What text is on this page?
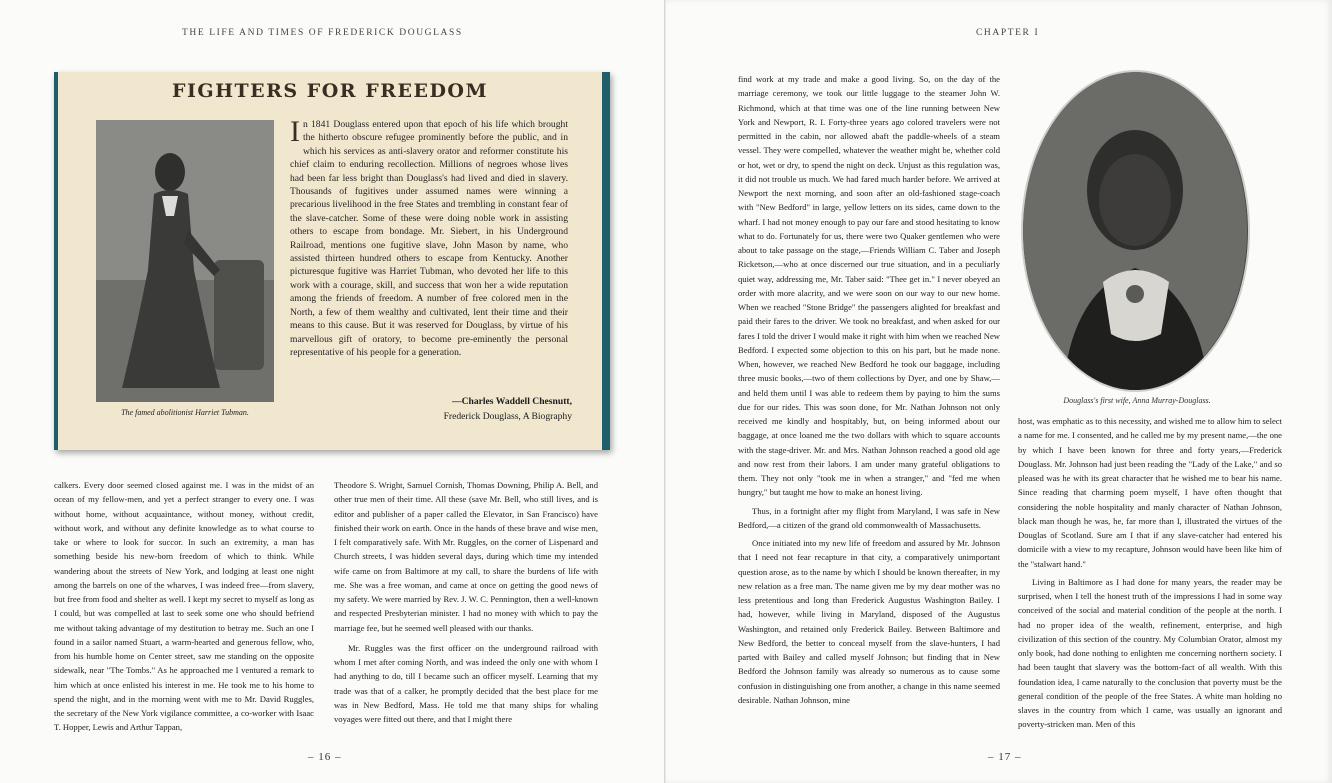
THE LIFE AND TIMES OF FREDERICK DOUGLASS
FIGHTERS FOR FREEDOM
The famed abolitionist Harriet Tubman.
In 1841 Douglass entered upon that epoch of his life which brought the hitherto obscure refugee prominently before the public, and in which his services as anti-slavery orator and reformer constitute his chief claim to enduring recollection. Millions of negroes whose lives had been far less bright than Douglass's had lived and died in slavery. Thousands of fugitives under assumed names were winning a precarious livelihood in the free States and trembling in constant fear of the slave-catcher. Some of these were doing noble work in assisting others to escape from bondage. Mr. Siebert, in his Underground Railroad, mentions one fugitive slave, John Mason by name, who assisted thirteen hundred others to escape from Kentucky. Another picturesque fugitive was Harriet Tubman, who devoted her life to this work with a courage, skill, and success that won her a wide reputation among the friends of freedom. A number of free colored men in the North, a few of them wealthy and cultivated, lent their time and their means to this cause. But it was reserved for Douglass, by virtue of his marvellous gift of oratory, to become pre-eminently the personal representative of his people for a generation.
—Charles Waddell Chesnutt,
Frederick Douglass, A Biography

calkers. Every door seemed closed against me. I was in the midst of an ocean of my fellow-men, and yet a perfect stranger to every one. I was without home, without acquaintance, without money, without credit, without work, and without any definite knowledge as to what course to take or where to look for succor. In such an extremity, a man has something beside his new-born freedom of which to think. While wandering about the streets of New York, and lodging at least one night among the barrels on one of the wharves, I was indeed free—from slavery, but free from food and shelter as well. I kept my secret to myself as long as I could, but was compelled at last to seek some one who should befriend me without taking advantage of my destitution to betray me. Such an one I found in a sailor named Stuart, a warm-hearted and generous fellow, who, from his humble home on Center street, saw me standing on the opposite sidewalk, near "The Tombs." As he approached me I ventured a remark to him which at once enlisted his interest in me. He took me to his home to spend the night, and in the morning went with me to Mr. David Ruggles, the secretary of the New York vigilance committee, a co-worker with Isaac T. Hopper, Lewis and Arthur Tappan,

Theodore S. Wright, Samuel Cornish, Thomas Downing, Philip A. Bell, and other true men of their time. All these (save Mr. Bell, who still lives, and is editor and publisher of a paper called the Elevator, in San Francisco) have finished their work on earth. Once in the hands of these brave and wise men, I felt comparatively safe. With Mr. Ruggles, on the corner of Lispenard and Church streets, I was hidden several days, during which time my intended wife came on from Baltimore at my call, to share the burdens of life with me. She was a free woman, and came at once on getting the good news of my safety. We were married by Rev. J. W. C. Pennington, then a well-known and respected Presbyterian minister. I had no money with which to pay the marriage fee, but he seemed well pleased with our thanks.

Mr. Ruggles was the first officer on the underground railroad with whom I met after coming North, and was indeed the only one with whom I had anything to do, till I became such an officer myself. Learning that my trade was that of a calker, he promptly decided that the best place for me was in New Bedford, Mass. He told me that many ships for whaling voyages were fitted out there, and that I might there

– 16 –
CHAPTER I

find work at my trade and make a good living. So, on the day of the marriage ceremony, we took our little luggage to the steamer John W. Richmond, which at that time was one of the line running between New York and Newport, R. I. Forty-three years ago colored travelers were not permitted in the cabin, nor allowed abaft the paddle-wheels of a steam vessel. They were compelled, whatever the weather might be, whether cold or hot, wet or dry, to spend the night on deck. Unjust as this regulation was, it did not trouble us much. We had fared much harder before. We arrived at Newport the next morning, and soon after an old-fashioned stage-coach with "New Bedford" in large, yellow letters on its sides, came down to the wharf. I had not money enough to pay our fare and stood hesitating to know what to do. Fortunately for us, there were two Quaker gentlemen who were about to take passage on the stage,—Friends William C. Taber and Joseph Ricketson,—who at once discerned our true situation, and in a peculiarly quiet way, addressing me, Mr. Taber said: "Thee get in." I never obeyed an order with more alacrity, and we were soon on our way to our new home. When we reached "Stone Bridge" the passengers alighted for breakfast and paid their fares to the driver. We took no breakfast, and when asked for our fares I told the driver I would make it right with him when we reached New Bedford. I expected some objection to this on his part, but he made none. When, however, we reached New Bedford he took our baggage, including three music books,—two of them collections by Dyer, and one by Shaw,—and held them until I was able to redeem them by paying to him the sums due for our rides. This was soon done, for Mr. Nathan Johnson not only received me kindly and hospitably, but, on being informed about our baggage, at once loaned me the two dollars with which to square accounts with the stage-driver. Mr. and Mrs. Nathan Johnson reached a good old age and now rest from their labors. I am under many grateful obligations to them. They not only "took me in when a stranger," and "fed me when hungry," but taught me how to make an honest living.

Thus, in a fortnight after my flight from Maryland, I was safe in New Bedford,—a citizen of the grand old commonwealth of Massachusetts.

Once initiated into my new life of freedom and assured by Mr. Johnson that I need not fear recapture in that city, a comparatively unimportant question arose, as to the name by which I should be known thereafter, in my new relation as a free man. The name given me by my dear mother was no less pretentious and long than Frederick Augustus Washington Bailey. I had, however, while living in Maryland, disposed of the Augustus Washington, and retained only Frederick Bailey. Between Baltimore and New Bedford, the better to conceal myself from the slave-hunters, I had parted with Bailey and called myself Johnson; but finding that in New Bedford the Johnson family was already so numerous as to cause some confusion in distinguishing one from another, a change in this name seemed desirable. Nathan Johnson, mine

Douglass's first wife, Anna Murray-Douglass.

host, was emphatic as to this necessity, and wished me to allow him to select a name for me. I consented, and he called me by my present name,—the one by which I have been known for three and forty years,—Frederick Douglass. Mr. Johnson had just been reading the "Lady of the Lake," and so pleased was he with its great character that he wished me to bear his name. Since reading that charming poem myself, I have often thought that considering the noble hospitality and manly character of Nathan Johnson, black man though he was, he, far more than I, illustrated the virtues of the Douglas of Scotland. Sure am I that if any slave-catcher had entered his domicile with a view to my recapture, Johnson would have been like him of the "stalwart hand."

Living in Baltimore as I had done for many years, the reader may be surprised, when I tell the honest truth of the impressions I had in some way conceived of the social and material condition of the people at the north. I had no proper idea of the wealth, refinement, enterprise, and high civilization of this section of the country. My Columbian Orator, almost my only book, had done nothing to enlighten me concerning northern society. I had been taught that slavery was the bottom-fact of all wealth. With this foundation idea, I came naturally to the conclusion that poverty must be the general condition of the people of the free States. A white man holding no slaves in the country from which I came, was usually an ignorant and poverty-stricken man. Men of this

– 17 –
